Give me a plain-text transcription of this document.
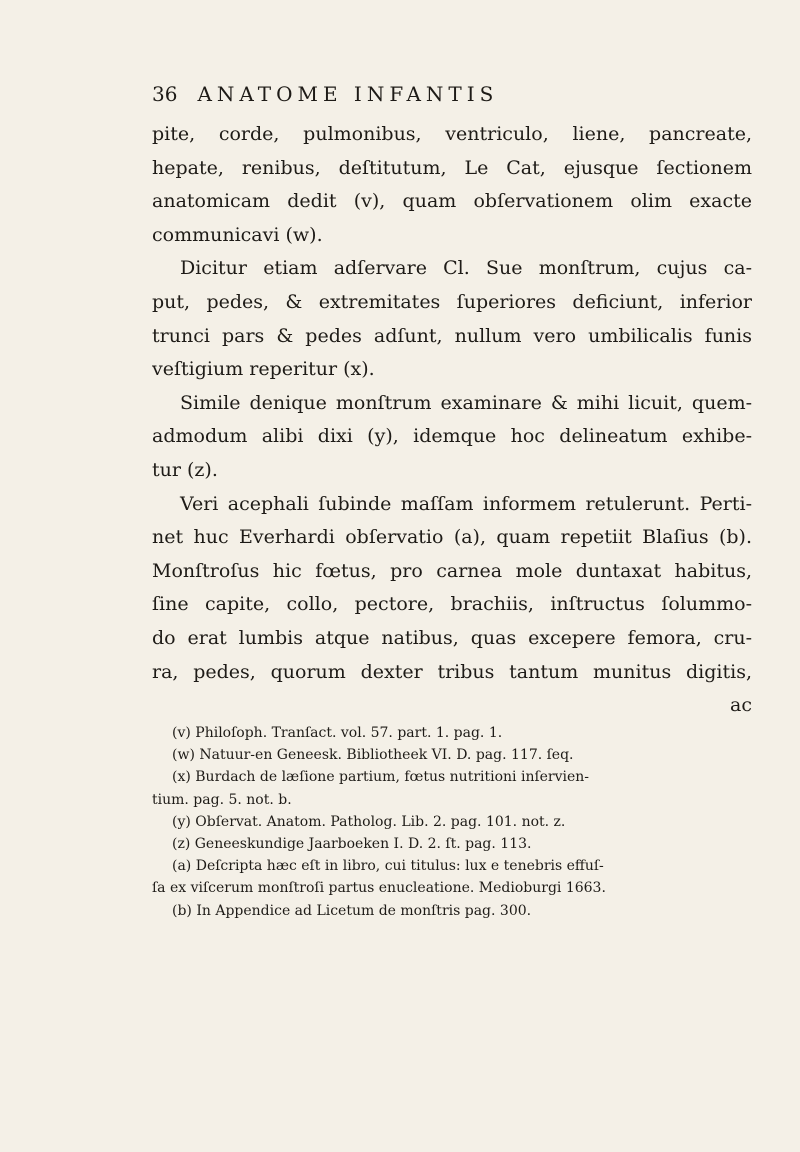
36 ANATOME INFANTIS
pite, corde, pulmonibus, ventriculo, liene, pancreate,
hepate, renibus, deſtitutum, Le Cat, ejusque ſectionem
anatomicam dedit (v), quam obſervationem olim exacte
communicavi (w).
Dicitur etiam adſervare Cl. Sue monſtrum, cujus ca-
put, pedes, & extremitates ſuperiores deficiunt, inferior
trunci pars & pedes adſunt, nullum vero umbilicalis funis
veſtigium reperitur (x).
Simile denique monſtrum examinare & mihi licuit, quem-
admodum alibi dixi (y), idemque hoc delineatum exhibe-
tur (z).
Veri acephali ſubinde maſſam informem retulerunt. Perti-
net huc Everhardi obſervatio (a), quam repetiit Blaſius (b).
Monſtroſus hic fœtus, pro carnea mole duntaxat habitus,
ſine capite, collo, pectore, brachiis, inſtructus ſolummo-
do erat lumbis atque natibus, quas excepere femora, cru-
ra, pedes, quorum dexter tribus tantum munitus digitis,
ac
(v) Philoſoph. Tranſact. vol. 57. part. 1. pag. 1.
(w) Natuur-en Geneesk. Bibliotheek VI. D. pag. 117. ſeq.
(x) Burdach de læſione partium, fœtus nutritioni inſervien-
tium. pag. 5. not. b.
(y) Obſervat. Anatom. Patholog. Lib. 2. pag. 101. not. z.
(z) Geneeskundige Jaarboeken I. D. 2. ſt. pag. 113.
(a) Deſcripta hæc eſt in libro, cui titulus: lux e tenebris effuſ-
ſa ex viſcerum monſtroſi partus enucleatione. Medioburgi 1663.
(b) In Appendice ad Licetum de monſtris pag. 300.
